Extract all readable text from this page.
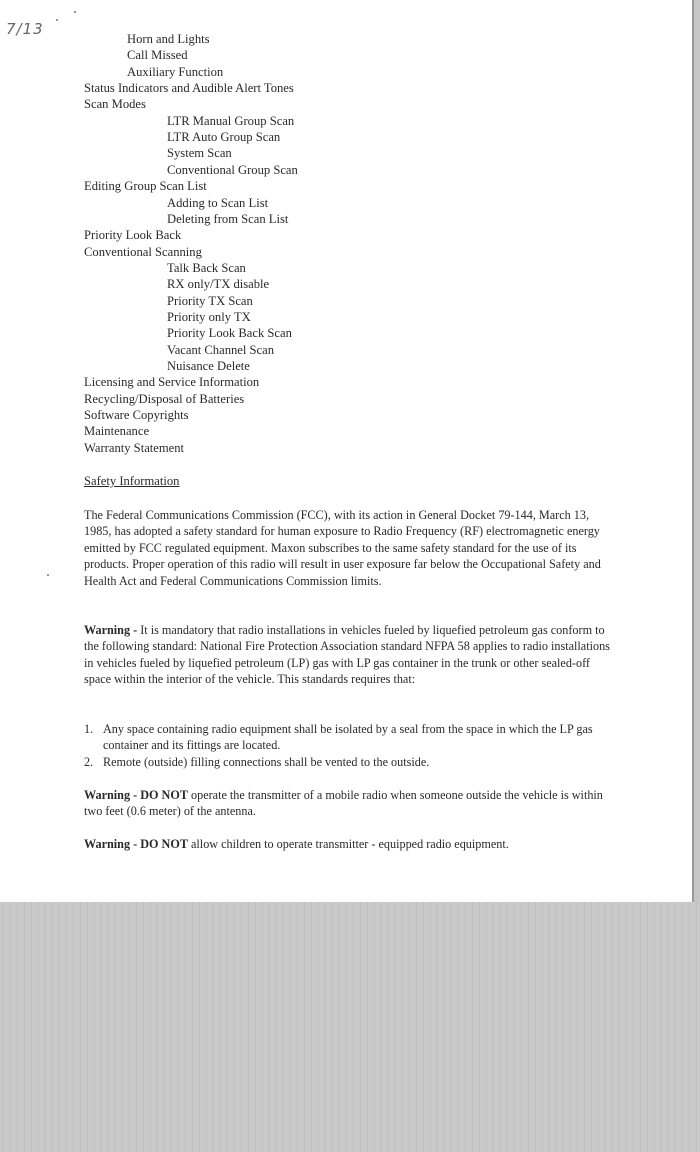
7/13
Horn and Lights
Call Missed
Auxiliary Function
Status Indicators and Audible Alert Tones
Scan Modes
LTR Manual Group Scan
LTR Auto Group Scan
System Scan
Conventional Group Scan
Editing Group Scan List
Adding to Scan List
Deleting from Scan List
Priority Look Back
Conventional Scanning
Talk Back Scan
RX only/TX disable
Priority TX Scan
Priority only TX
Priority Look Back Scan
Vacant Channel Scan
Nuisance Delete
Licensing and Service Information
Recycling/Disposal of Batteries
Software Copyrights
Maintenance
Warranty Statement
Safety Information
The Federal Communications Commission (FCC), with its action in General Docket 79-144, March 13, 1985, has adopted a safety standard for human exposure to Radio Frequency (RF) electromagnetic energy emitted by FCC regulated equipment. Maxon subscribes to the same safety standard for the use of its products. Proper operation of this radio will result in user exposure far below the Occupational Safety and Health Act and Federal Communications Commission limits.
Warning - It is mandatory that radio installations in vehicles fueled by liquefied petroleum gas conform to the following standard: National Fire Protection Association standard NFPA 58 applies to radio installations in vehicles fueled by liquefied petroleum (LP) gas with LP gas container in the trunk or other sealed-off space within the interior of the vehicle. This standards requires that:
1. Any space containing radio equipment shall be isolated by a seal from the space in which the LP gas container and its fittings are located.
2. Remote (outside) filling connections shall be vented to the outside.
Warning - DO NOT operate the transmitter of a mobile radio when someone outside the vehicle is within two feet (0.6 meter) of the antenna.
Warning - DO NOT allow children to operate transmitter - equipped radio equipment.
